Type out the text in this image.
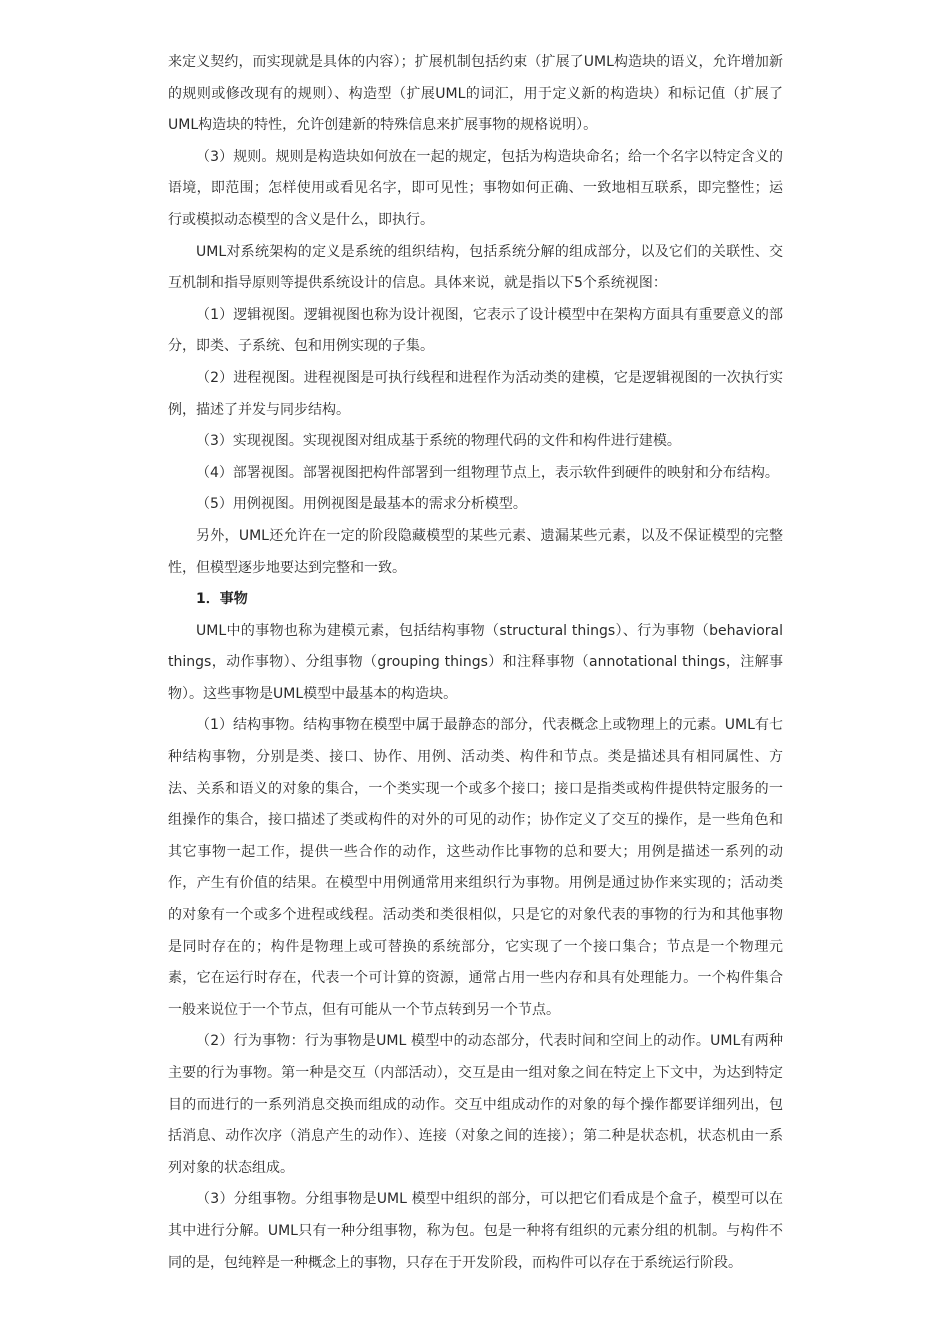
来定义契约，而实现就是具体的内容）；扩展机制包括约束（扩展了UML构造块的语义，允许增加新的规则或修改现有的规则）、构造型（扩展UML的词汇，用于定义新的构造块）和标记值（扩展了UML构造块的特性，允许创建新的特殊信息来扩展事物的规格说明）。

（3）规则。规则是构造块如何放在一起的规定，包括为构造块命名；给一个名字以特定含义的语境，即范围；怎样使用或看见名字，即可见性；事物如何正确、一致地相互联系，即完整性；运行或模拟动态模型的含义是什么，即执行。

UML对系统架构的定义是系统的组织结构，包括系统分解的组成部分，以及它们的关联性、交互机制和指导原则等提供系统设计的信息。具体来说，就是指以下5个系统视图：

（1）逻辑视图。逻辑视图也称为设计视图，它表示了设计模型中在架构方面具有重要意义的部分，即类、子系统、包和用例实现的子集。

（2）进程视图。进程视图是可执行线程和进程作为活动类的建模，它是逻辑视图的一次执行实例，描述了并发与同步结构。

（3）实现视图。实现视图对组成基于系统的物理代码的文件和构件进行建模。

（4）部署视图。部署视图把构件部署到一组物理节点上，表示软件到硬件的映射和分布结构。

（5）用例视图。用例视图是最基本的需求分析模型。

另外，UML还允许在一定的阶段隐藏模型的某些元素、遗漏某些元素，以及不保证模型的完整性，但模型逐步地要达到完整和一致。

1．事物

UML中的事物也称为建模元素，包括结构事物（structural things）、行为事物（behavioral things，动作事物）、分组事物（grouping things）和注释事物（annotational things，注解事物）。这些事物是UML模型中最基本的构造块。

（1）结构事物。结构事物在模型中属于最静态的部分，代表概念上或物理上的元素。UML有七种结构事物，分别是类、接口、协作、用例、活动类、构件和节点。类是描述具有相同属性、方法、关系和语义的对象的集合，一个类实现一个或多个接口；接口是指类或构件提供特定服务的一组操作的集合，接口描述了类或构件的对外的可见的动作；协作定义了交互的操作，是一些角色和其它事物一起工作，提供一些合作的动作，这些动作比事物的总和要大；用例是描述一系列的动作，产生有价值的结果。在模型中用例通常用来组织行为事物。用例是通过协作来实现的；活动类的对象有一个或多个进程或线程。活动类和类很相似，只是它的对象代表的事物的行为和其他事物是同时存在的；构件是物理上或可替换的系统部分，它实现了一个接口集合；节点是一个物理元素，它在运行时存在，代表一个可计算的资源，通常占用一些内存和具有处理能力。一个构件集合一般来说位于一个节点，但有可能从一个节点转到另一个节点。

（2）行为事物：行为事物是UML 模型中的动态部分，代表时间和空间上的动作。UML有两种主要的行为事物。第一种是交互（内部活动），交互是由一组对象之间在特定上下文中，为达到特定目的而进行的一系列消息交换而组成的动作。交互中组成动作的对象的每个操作都要详细列出，包括消息、动作次序（消息产生的动作）、连接（对象之间的连接）；第二种是状态机，状态机由一系列对象的状态组成。

（3）分组事物。分组事物是UML 模型中组织的部分，可以把它们看成是个盒子，模型可以在其中进行分解。UML只有一种分组事物，称为包。包是一种将有组织的元素分组的机制。与构件不同的是，包纯粹是一种概念上的事物，只存在于开发阶段，而构件可以存在于系统运行阶段。
